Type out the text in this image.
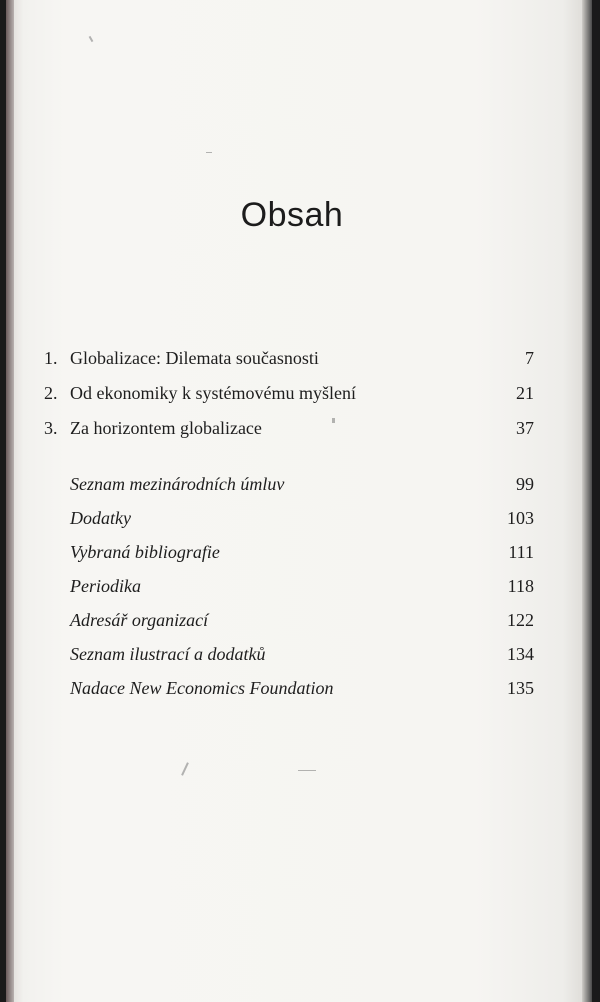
Obsah
1. Globalizace: Dilemata současnosti	7
2. Od ekonomiky k systémovému myšlení	21
3. Za horizontem globalizace	37
Seznam mezinárodních úmluv	99
Dodatky	103
Vybraná bibliografie	111
Periodika	118
Adresář organizací	122
Seznam ilustrací a dodatků	134
Nadace New Economics Foundation	135
